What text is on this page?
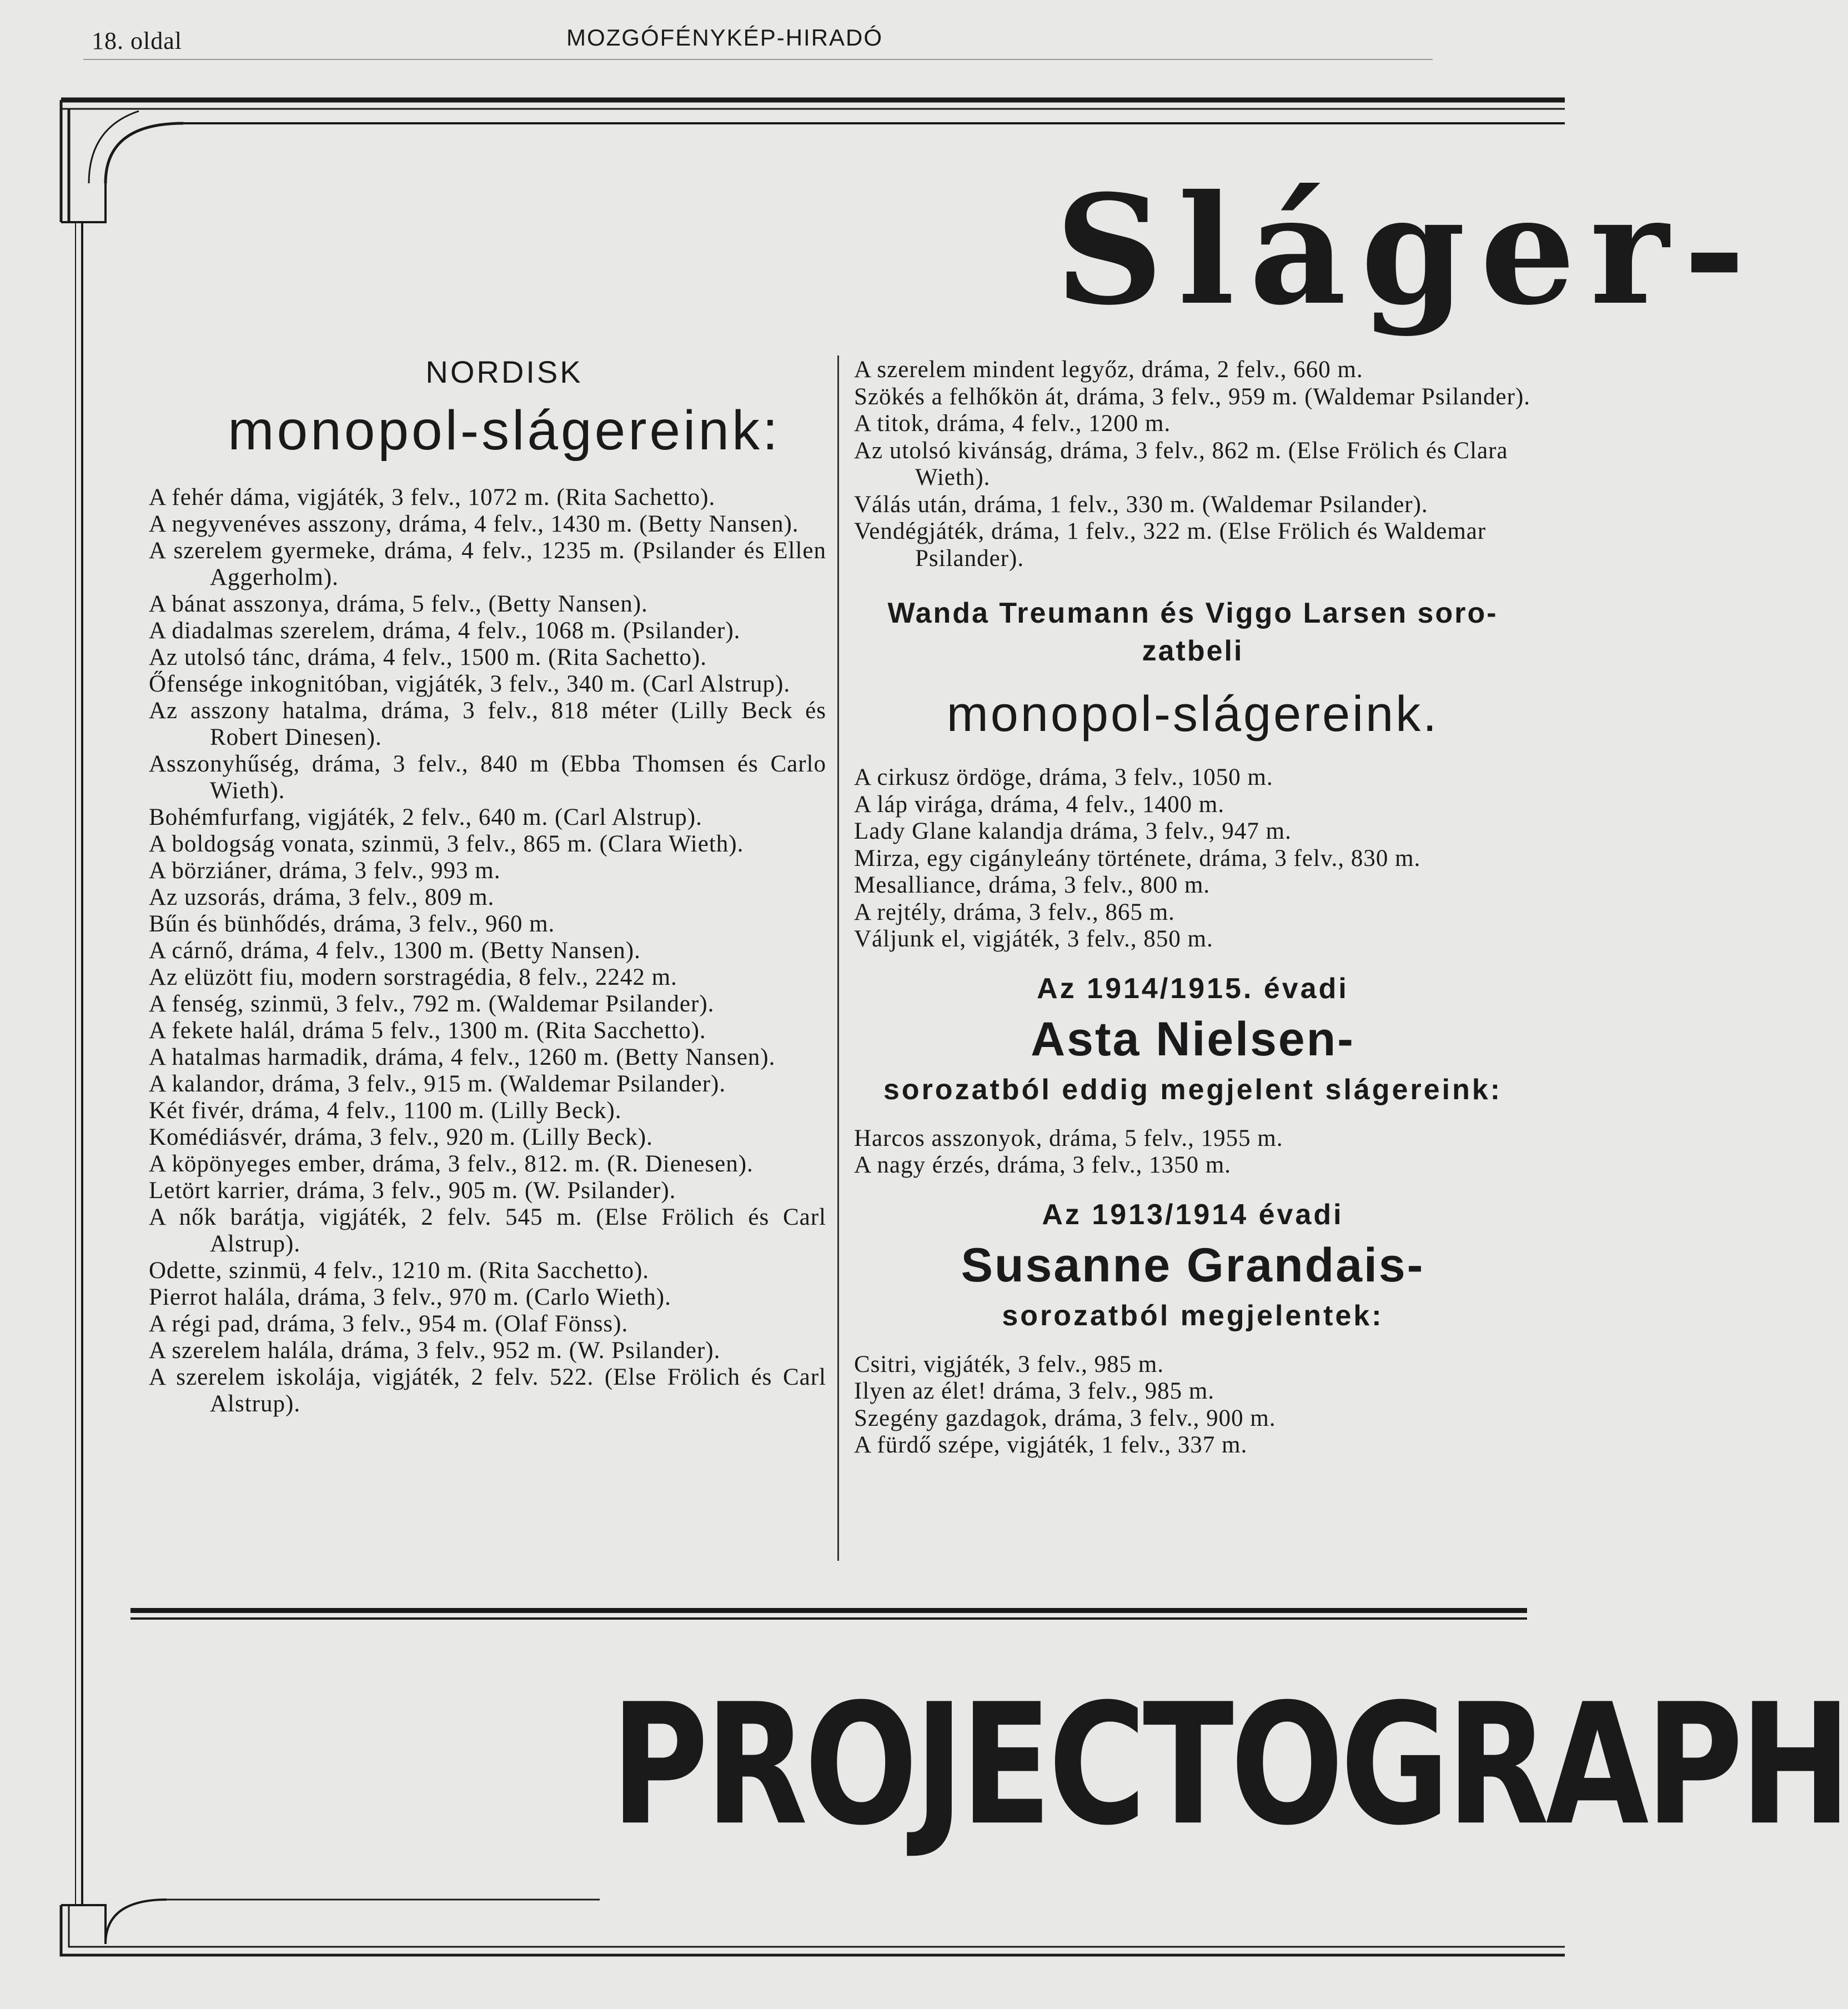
18. oldal	MOZGÓFÉNYKÉP-HIRADÓ
Sláger-
NORDISK
monopol-slágereink:

A fehér dáma, vigjáték, 3 felv., 1072 m. (Rita Sachetto).

A negyvenéves asszony, dráma, 4 felv., 1430 m. (Betty Nansen).

A szerelem gyermeke, dráma, 4 felv., 1235 m. (Psilander és Ellen Aggerholm).

A bánat asszonya, dráma, 5 felv., (Betty Nansen).

A diadalmas szerelem, dráma, 4 felv., 1068 m. (Psilander).

Az utolsó tánc, dráma, 4 felv., 1500 m. (Rita Sachetto).

Őfensége inkognitóban, vigjáték, 3 felv., 340 m. (Carl Alstrup).

Az asszony hatalma, dráma, 3 felv., 818 méter (Lilly Beck és Robert Dinesen).

Asszonyhűség, dráma, 3 felv., 840 m (Ebba Thomsen és Carlo Wieth).

Bohémfurfang, vigjáték, 2 felv., 640 m. (Carl Alstrup).

A boldogság vonata, szinmü, 3 felv., 865 m. (Clara Wieth).

A börziáner, dráma, 3 felv., 993 m.

Az uzsorás, dráma, 3 felv., 809 m.

Bűn és bünhődés, dráma, 3 felv., 960 m.

A cárnő, dráma, 4 felv., 1300 m. (Betty Nansen).

Az elüzött fiu, modern sorstragédia, 8 felv., 2242 m.

A fenség, szinmü, 3 felv., 792 m. (Waldemar Psilander).

A fekete halál, dráma 5 felv., 1300 m. (Rita Sacchetto).

A hatalmas harmadik, dráma, 4 felv., 1260 m. (Betty Nansen).

A kalandor, dráma, 3 felv., 915 m. (Waldemar Psilander).

Két fivér, dráma, 4 felv., 1100 m. (Lilly Beck).

Komédiásvér, dráma, 3 felv., 920 m. (Lilly Beck).

A köpönyeges ember, dráma, 3 felv., 812. m. (R. Dienesen).

Letört karrier, dráma, 3 felv., 905 m. (W. Psilander).

A nők barátja, vigjáték, 2 felv. 545 m. (Else Frölich és Carl Alstrup).

Odette, szinmü, 4 felv., 1210 m. (Rita Sacchetto).

Pierrot halála, dráma, 3 felv., 970 m. (Carlo Wieth).

A régi pad, dráma, 3 felv., 954 m. (Olaf Fönss).

A szerelem halála, dráma, 3 felv., 952 m. (W. Psilander).

A szerelem iskolája, vigjáték, 2 felv. 522. (Else Frölich és Carl Alstrup).

A szerelem mindent legyőz, dráma, 2 felv., 660 m.

Szökés a felhőkön át, dráma, 3 felv., 959 m. (Waldemar Psilander).

A titok, dráma, 4 felv., 1200 m.

Az utolsó kivánság, dráma, 3 felv., 862 m. (Else Frölich és Clara Wieth).

Válás után, dráma, 1 felv., 330 m. (Waldemar Psilander).

Vendégjáték, dráma, 1 felv., 322 m. (Else Frölich és Waldemar Psilander).

Wanda Treumann és Viggo Larsen soro-
zatbeli
monopol-slágereink.

A cirkusz ördöge, dráma, 3 felv., 1050 m.

A láp virága, dráma, 4 felv., 1400 m.

Lady Glane kalandja dráma, 3 felv., 947 m.

Mirza, egy cigányleány története, dráma, 3 felv., 830 m.

Mesalliance, dráma, 3 felv., 800 m.

A rejtély, dráma, 3 felv., 865 m.

Váljunk el, vigjáték, 3 felv., 850 m.

Az 1914/1915. évadi
Asta Nielsen-
sorozatból eddig megjelent slágereink:

Harcos asszonyok, dráma, 5 felv., 1955 m.

A nagy érzés, dráma, 3 felv., 1350 m.

Az 1913/1914 évadi
Susanne Grandais-
sorozatból megjelentek:

Csitri, vigjáték, 3 felv., 985 m.

Ilyen az élet! dráma, 3 felv., 985 m.

Szegény gazdagok, dráma, 3 felv., 900 m.

A fürdő szépe, vigjáték, 1 felv., 337 m.

PROJECTOGRAPH
